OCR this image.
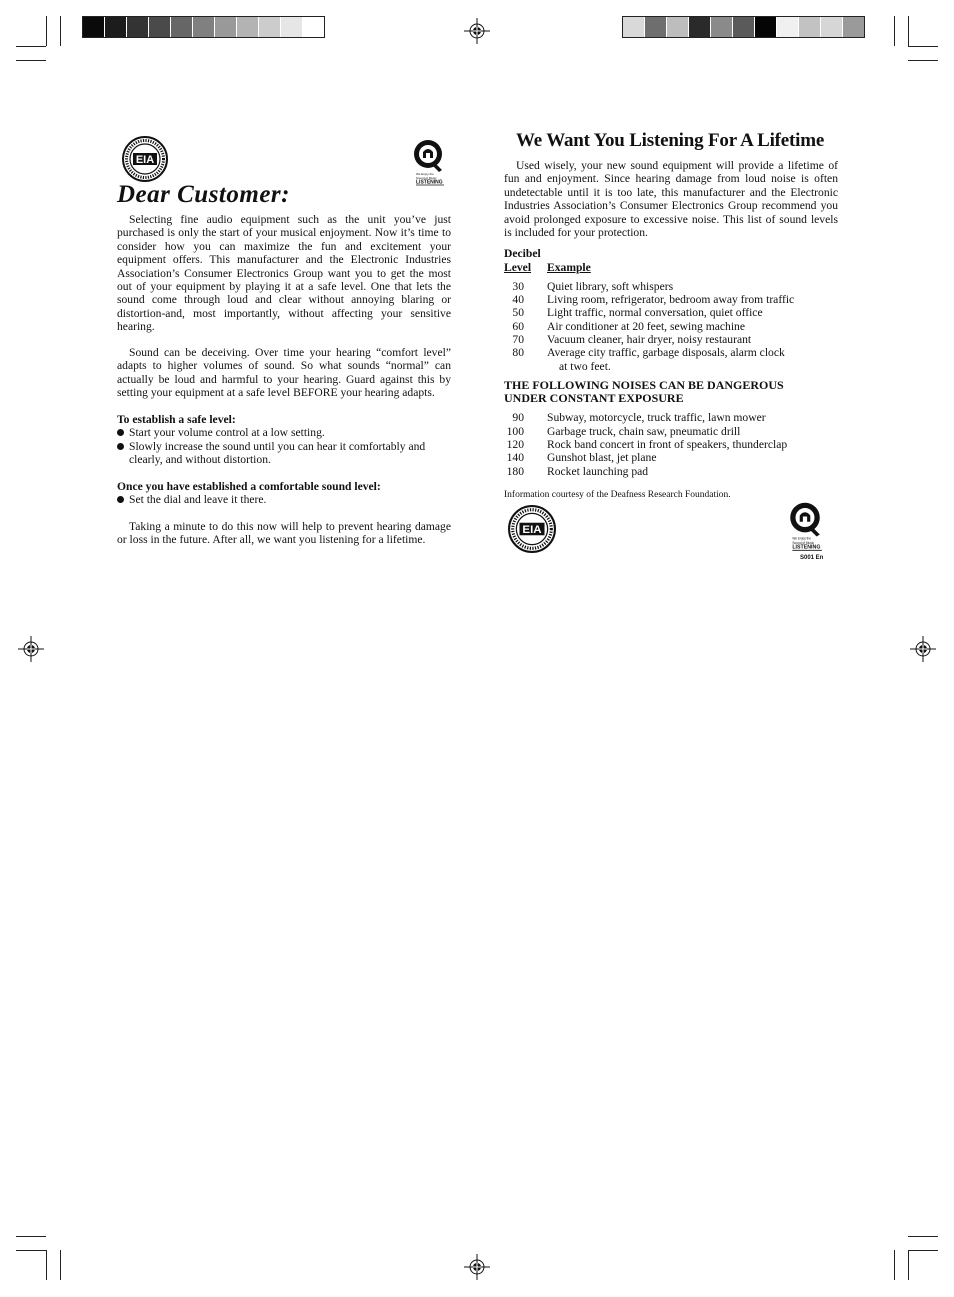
EIA
We Enjoy the
Sound of Music
LISTENING
Dear Customer:

Selecting fine audio equipment such as the unit you’ve just purchased is only the start of your musical enjoyment. Now it’s time to consider how you can maximize the fun and excitement your equipment offers. This manufacturer and the Electronic Industries Association’s Consumer Electronics Group want you to get the most out of your equipment by playing it at a safe level. One that lets the sound come through loud and clear without annoying blaring or distortion-and, most importantly, without affecting your sensitive hearing.

Sound can be deceiving. Over time your hearing “comfort level” adapts to higher volumes of sound. So what sounds “normal” can actually be loud and harmful to your hearing. Guard against this by setting your equipment at a safe level BEFORE your hearing adapts.

To establish a safe level:
Start your volume control at a low setting.
Slowly increase the sound until you can hear it comfortably and clearly, and without distortion.
Once you have established a comfortable sound level:
Set the dial and leave it there.

Taking a minute to do this now will help to prevent hearing damage or loss in the future. After all, we want you listening for a lifetime.

We Want You Listening For A Lifetime

Used wisely, your new sound equipment will provide a lifetime of fun and enjoyment. Since hearing damage from loud noise is often undetectable until it is too late, this manufacturer and the Electronic Industries Association’s Consumer Electronics Group recommend you avoid prolonged exposure to excessive noise. This list of sound levels is included for your protection.

Decibel
Level Example
30 Quiet library, soft whispers
40 Living room, refrigerator, bedroom away from traffic
50 Light traffic, normal conversation, quiet office
60 Air conditioner at 20 feet, sewing machine
70 Vacuum cleaner, hair dryer, noisy restaurant
80 Average city traffic, garbage disposals, alarm clock
at two feet.
THE FOLLOWING NOISES CAN BE DANGEROUS
UNDER CONSTANT EXPOSURE
90 Subway, motorcycle, truck traffic, lawn mower
100 Garbage truck, chain saw, pneumatic drill
120 Rock band concert in front of speakers, thunderclap
140 Gunshot blast, jet plane
180 Rocket launching pad
Information courtesy of the Deafness Research Foundation.
EIA
We Enjoy the
Sound of Music
LISTENING
S001 En
